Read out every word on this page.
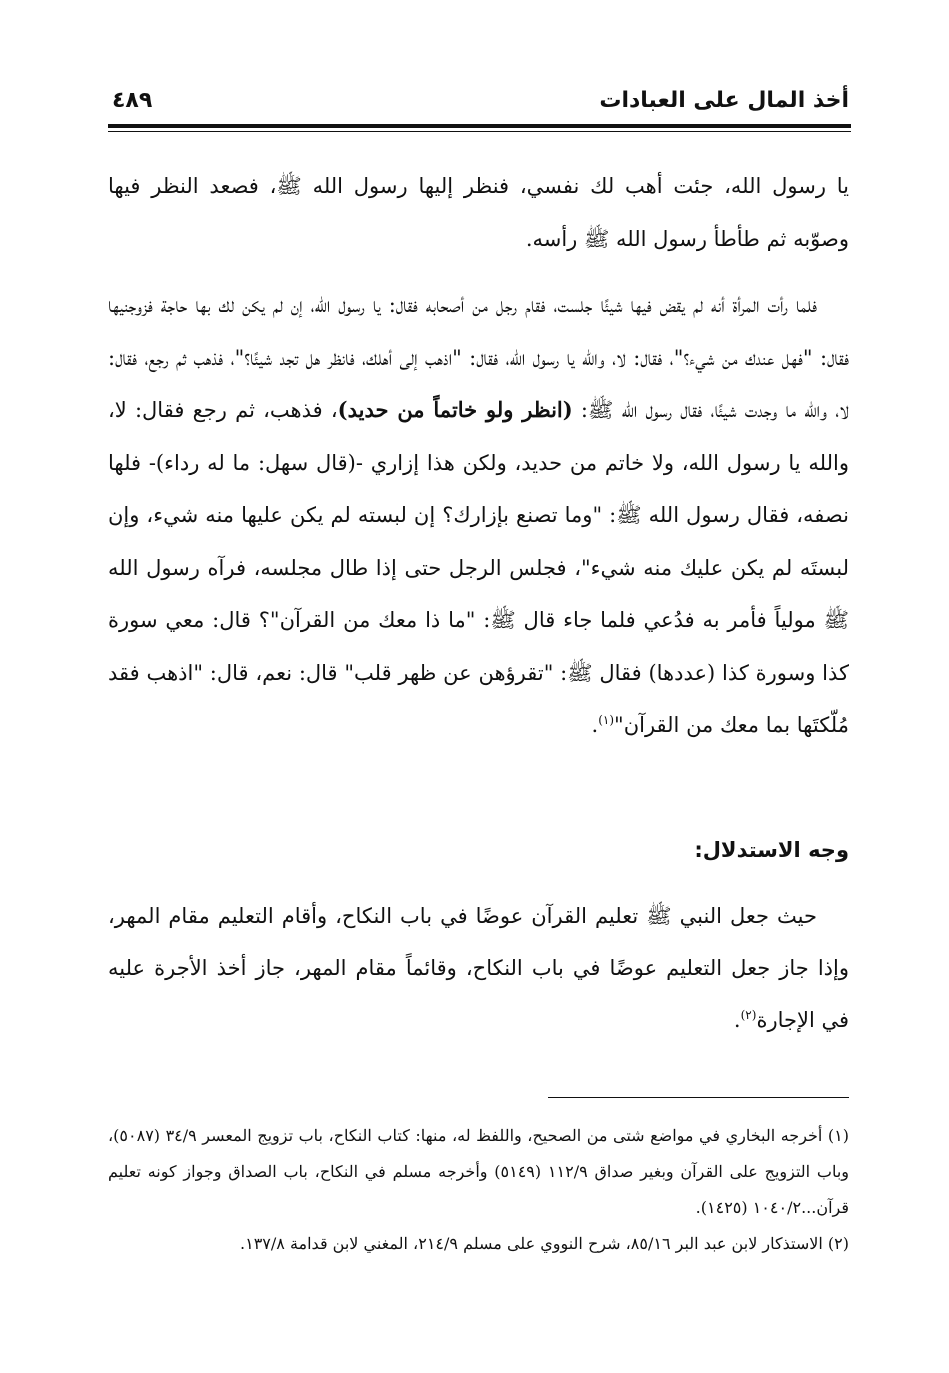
أخذ المال على العبادات
٤٨٩

يا رسول الله، جئت أهب لك نفسي، فنظر إليها رسول الله ﷺ، فصعد النظر فيها وصوّبه ثم طأطأ رسول الله ﷺ رأسه.

فلما رأت المرأة أنه لم يقض فيها شيئًا جلست، فقام رجل من أصحابه فقال: يا رسول الله، إن لم يكن لك بها حاجة فزوجنيها فقال: "فهل عندك من شيء؟"، فقال: لا، والله يا رسول الله، فقال: "اذهب إلى أهلك، فانظر هل تجد شيئًا؟"، فذهب ثم رجع، فقال: لا، والله ما وجدت شيئًا، فقال رسول الله ﷺ: (انظر ولو خاتماً من حديد)، فذهب، ثم رجع فقال: لا، والله يا رسول الله، ولا خاتم من حديد، ولكن هذا إزاري -(قال سهل: ما له رداء)- فلها نصفه، فقال رسول الله ﷺ: "وما تصنع بإزارك؟ إن لبسته لم يكن عليها منه شيء، وإن لبستَه لم يكن عليك منه شيء"، فجلس الرجل حتى إذا طال مجلسه، فرآه رسول الله ﷺ مولياً فأمر به فدُعي فلما جاء قال ﷺ: "ما ذا معك من القرآن"؟ قال: معي سورة كذا وسورة كذا (عددها) فقال ﷺ: "تقرؤهن عن ظهر قلب" قال: نعم، قال: "اذهب فقد مُلّكتَها بما معك من القرآن"$^{(١)}$.

وجه الاستدلال:

حيث جعل النبي ﷺ تعليم القرآن عوضًا في باب النكاح، وأقام التعليم مقام المهر، وإذا جاز جعل التعليم عوضًا في باب النكاح، وقائماً مقام المهر، جاز أخذ الأجرة عليه في الإجارة$^{(٢)}$.

(١) أخرجه البخاري في مواضع شتى من الصحيح، واللفظ له، منها: كتاب النكاح، باب تزويج المعسر ٣٤/٩ (٥٠٨٧)، وباب التزويج على القرآن وبغير صداق ١١٢/٩ (٥١٤٩) وأخرجه مسلم في النكاح، باب الصداق وجواز كونه تعليم قرآن...١٠٤٠/٢ (١٤٢٥).

(٢) الاستذكار لابن عبد البر ٨٥/١٦، شرح النووي على مسلم ٢١٤/٩، المغني لابن قدامة ١٣٧/٨.
